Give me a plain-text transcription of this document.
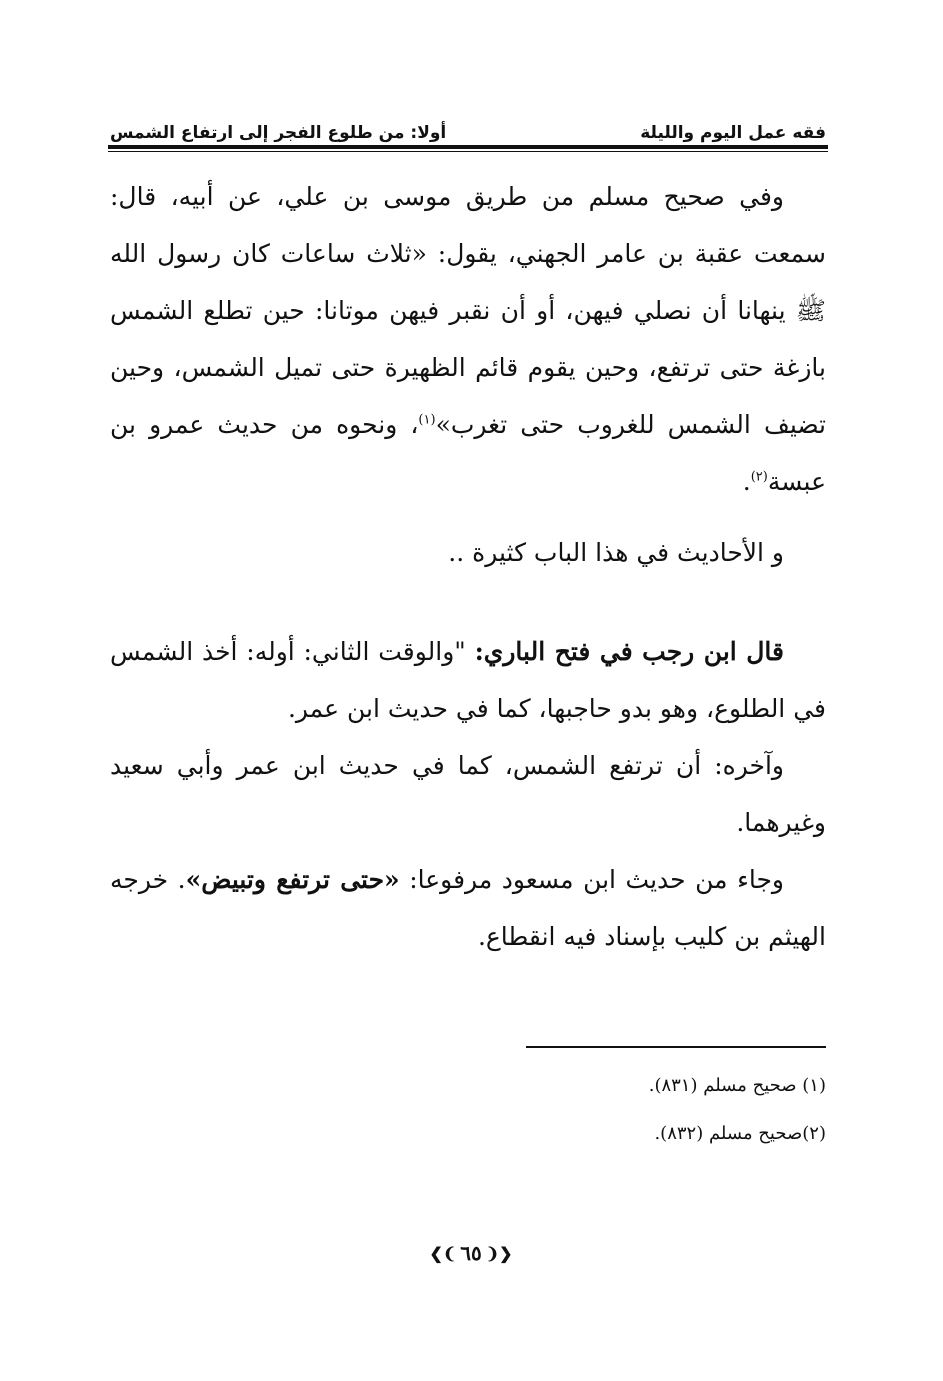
فقه عمل اليوم والليلة
أولا: من طلوع الفجر إلى ارتفاع الشمس

وفي صحيح مسلم من طريق موسى بن علي، عن أبيه، قال: سمعت عقبة بن عامر الجهني، يقول: «ثلاث ساعات كان رسول الله ﷺ ينهانا أن نصلي فيهن، أو أن نقبر فيهن موتانا: حين تطلع الشمس بازغة حتى ترتفع، وحين يقوم قائم الظهيرة حتى تميل الشمس، وحين تضيف الشمس للغروب حتى تغرب»$^{(١)}$، ونحوه من حديث عمرو بن عبسة$^{(٢)}$.

و الأحاديث في هذا الباب كثيرة ..

قال ابن رجب في فتح الباري: "والوقت الثاني: أوله: أخذ الشمس في الطلوع، وهو بدو حاجبها، كما في حديث ابن عمر.

وآخره: أن ترتفع الشمس، كما في حديث ابن عمر وأبي سعيد وغيرهما.

وجاء من حديث ابن مسعود مرفوعا: «حتى ترتفع وتبيض». خرجه الهيثم بن كليب بإسناد فيه انقطاع.

(١) صحيح مسلم (٨٣١).

(٢)صحيح مسلم (٨٣٢).

❮❨ ٦٥ ❩❯
